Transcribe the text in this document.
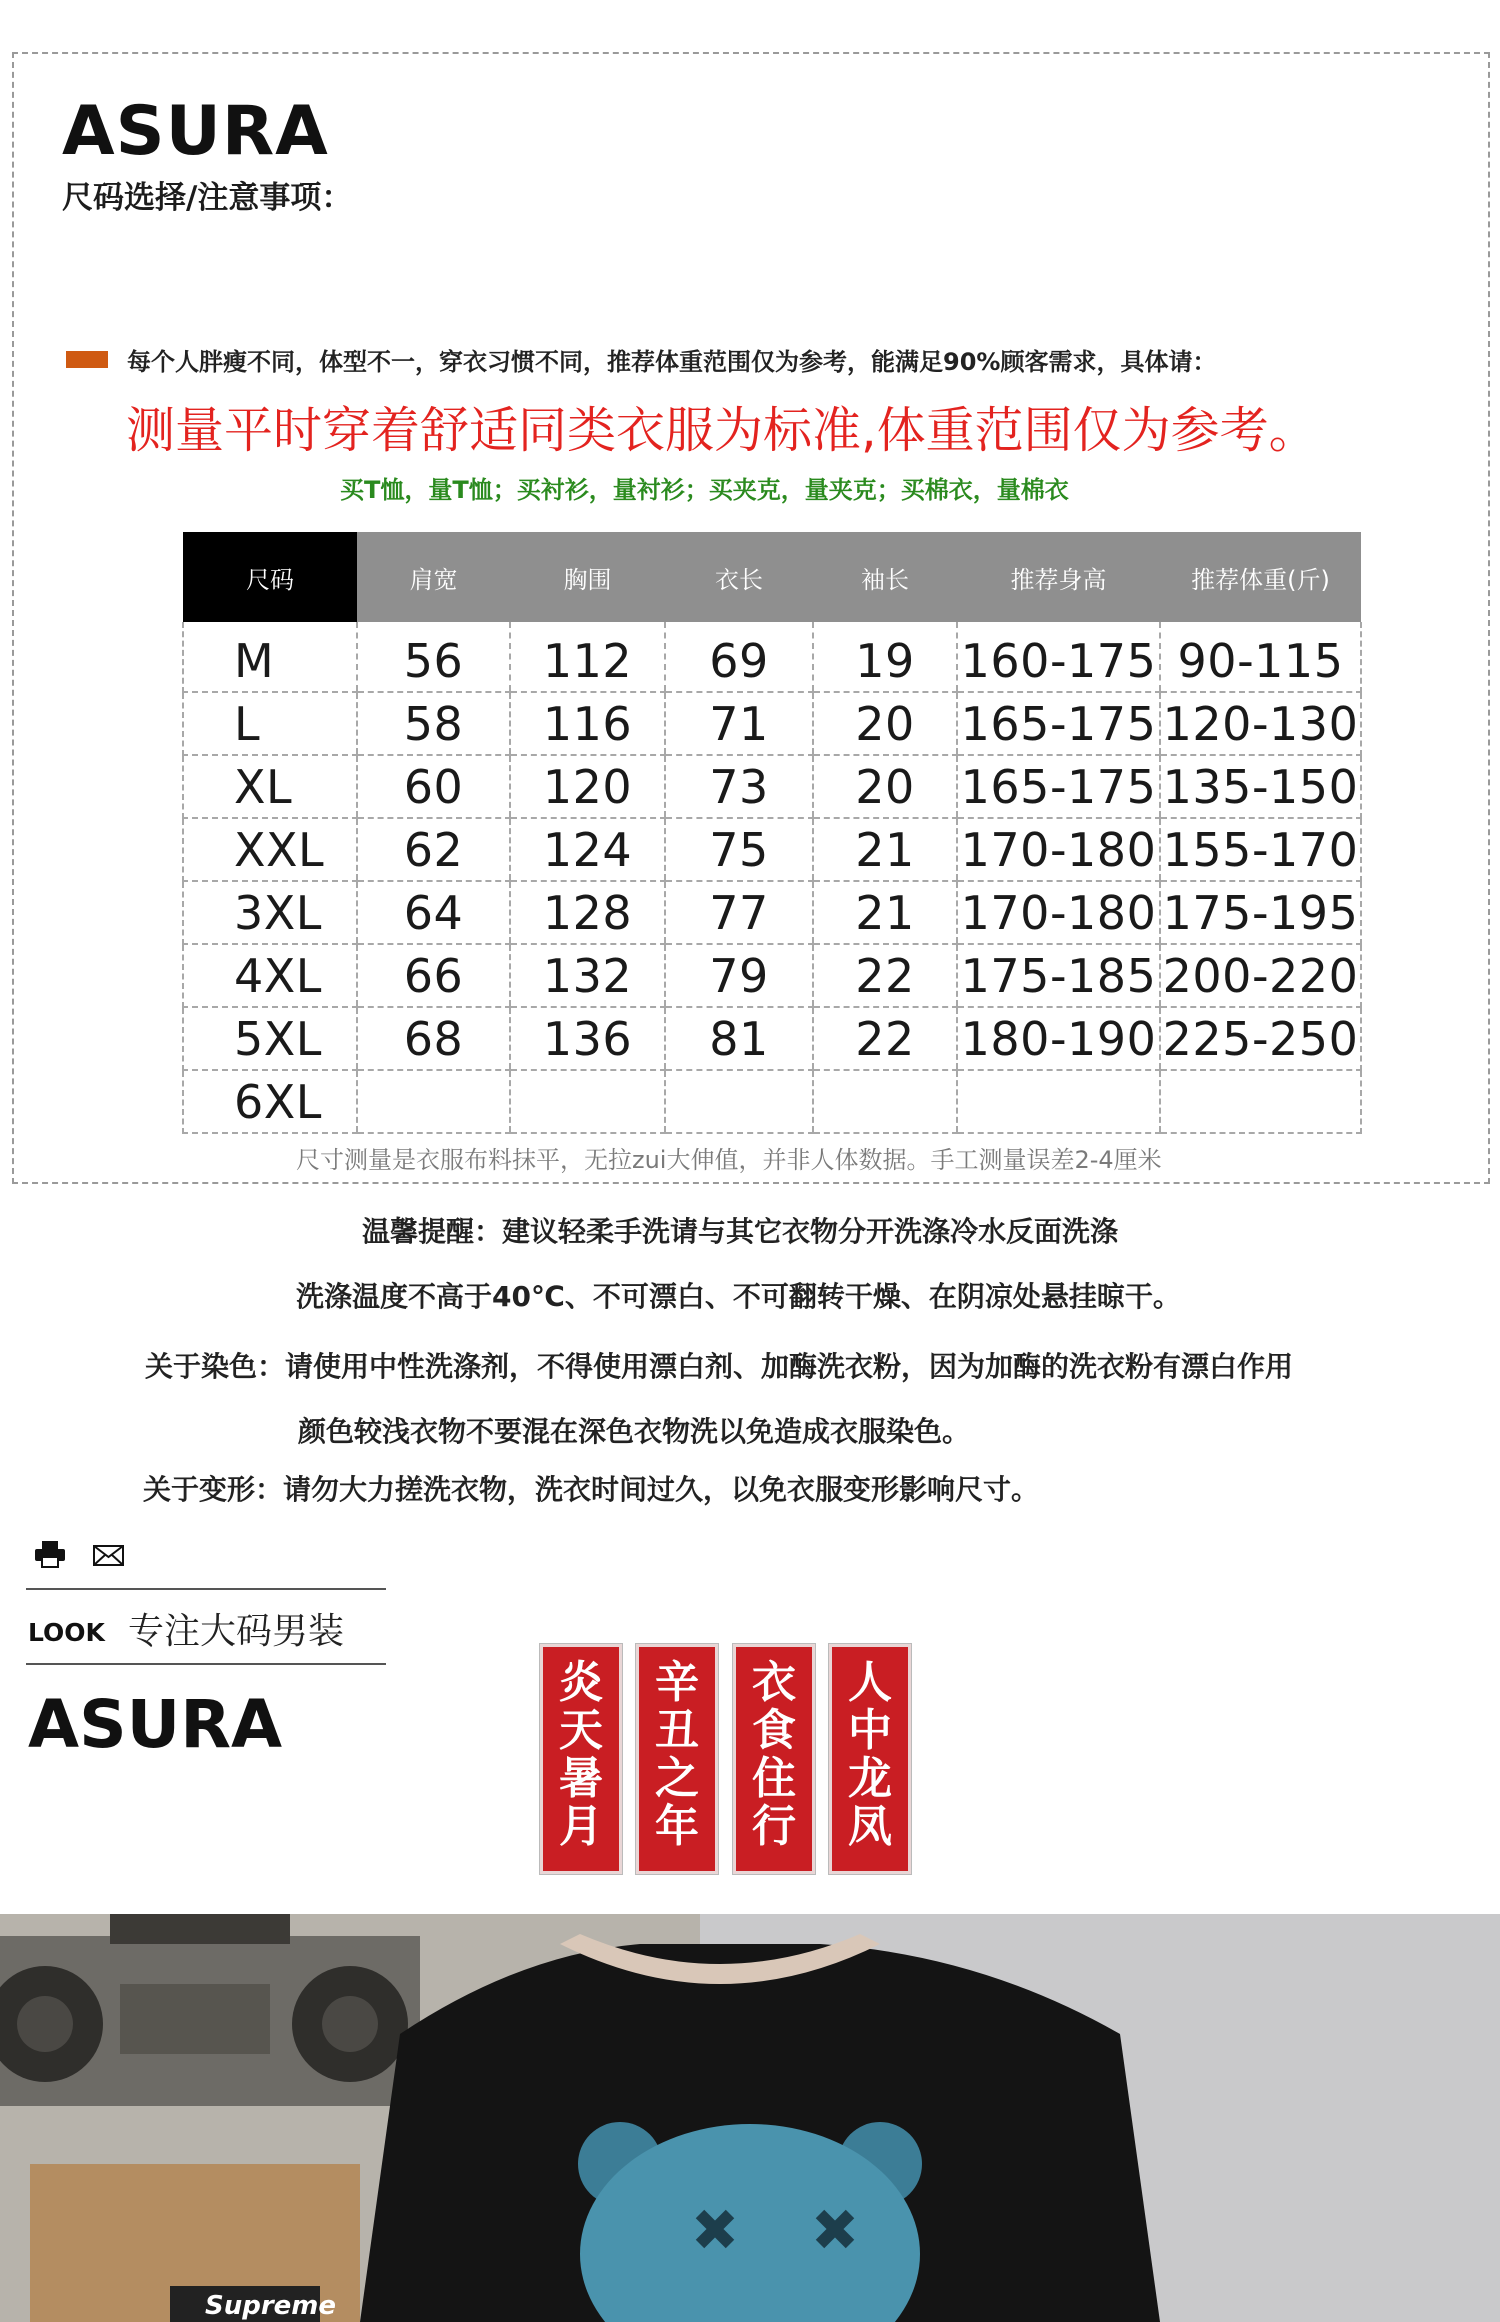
ASURA
尺码选择/注意事项：
每个人胖瘦不同，体型不一，穿衣习惯不同，推荐体重范围仅为参考，能满足90%顾客需求，具体请：
测量平时穿着舒适同类衣服为标准,体重范围仅为参考。
买T恤，量T恤；买衬衫，量衬衫；买夹克，量夹克；买棉衣，量棉衣
尺码	肩宽	胸围	衣长	袖长	推荐身高	推荐体重(斤)
M	56	112	69	19	160-175	90-115
L	58	116	71	20	165-175	120-130
XL	60	120	73	20	165-175	135-150
XXL	62	124	75	21	170-180	155-170
3XL	64	128	77	21	170-180	175-195
4XL	66	132	79	22	175-185	200-220
5XL	68	136	81	22	180-190	225-250
6XL						
尺寸测量是衣服布料抹平，无拉zui大伸值，并非人体数据。手工测量误差2-4厘米
温馨提醒：建议轻柔手洗请与其它衣物分开洗涤冷水反面洗涤
洗涤温度不高于40℃、不可漂白、不可翻转干燥、在阴凉处悬挂晾干。
关于染色：请使用中性洗涤剂，不得使用漂白剂、加酶洗衣粉，因为加酶的洗衣粉有漂白作用
颜色较浅衣物不要混在深色衣物洗以免造成衣服染色。
关于变形：请勿大力搓洗衣物，洗衣时间过久，以免衣服变形影响尺寸。
LOOK 专注大码男装
ASURA
炎
天
暑
月
辛
丑
之
年
衣
食
住
行
人
中
龙
凤
Supreme
